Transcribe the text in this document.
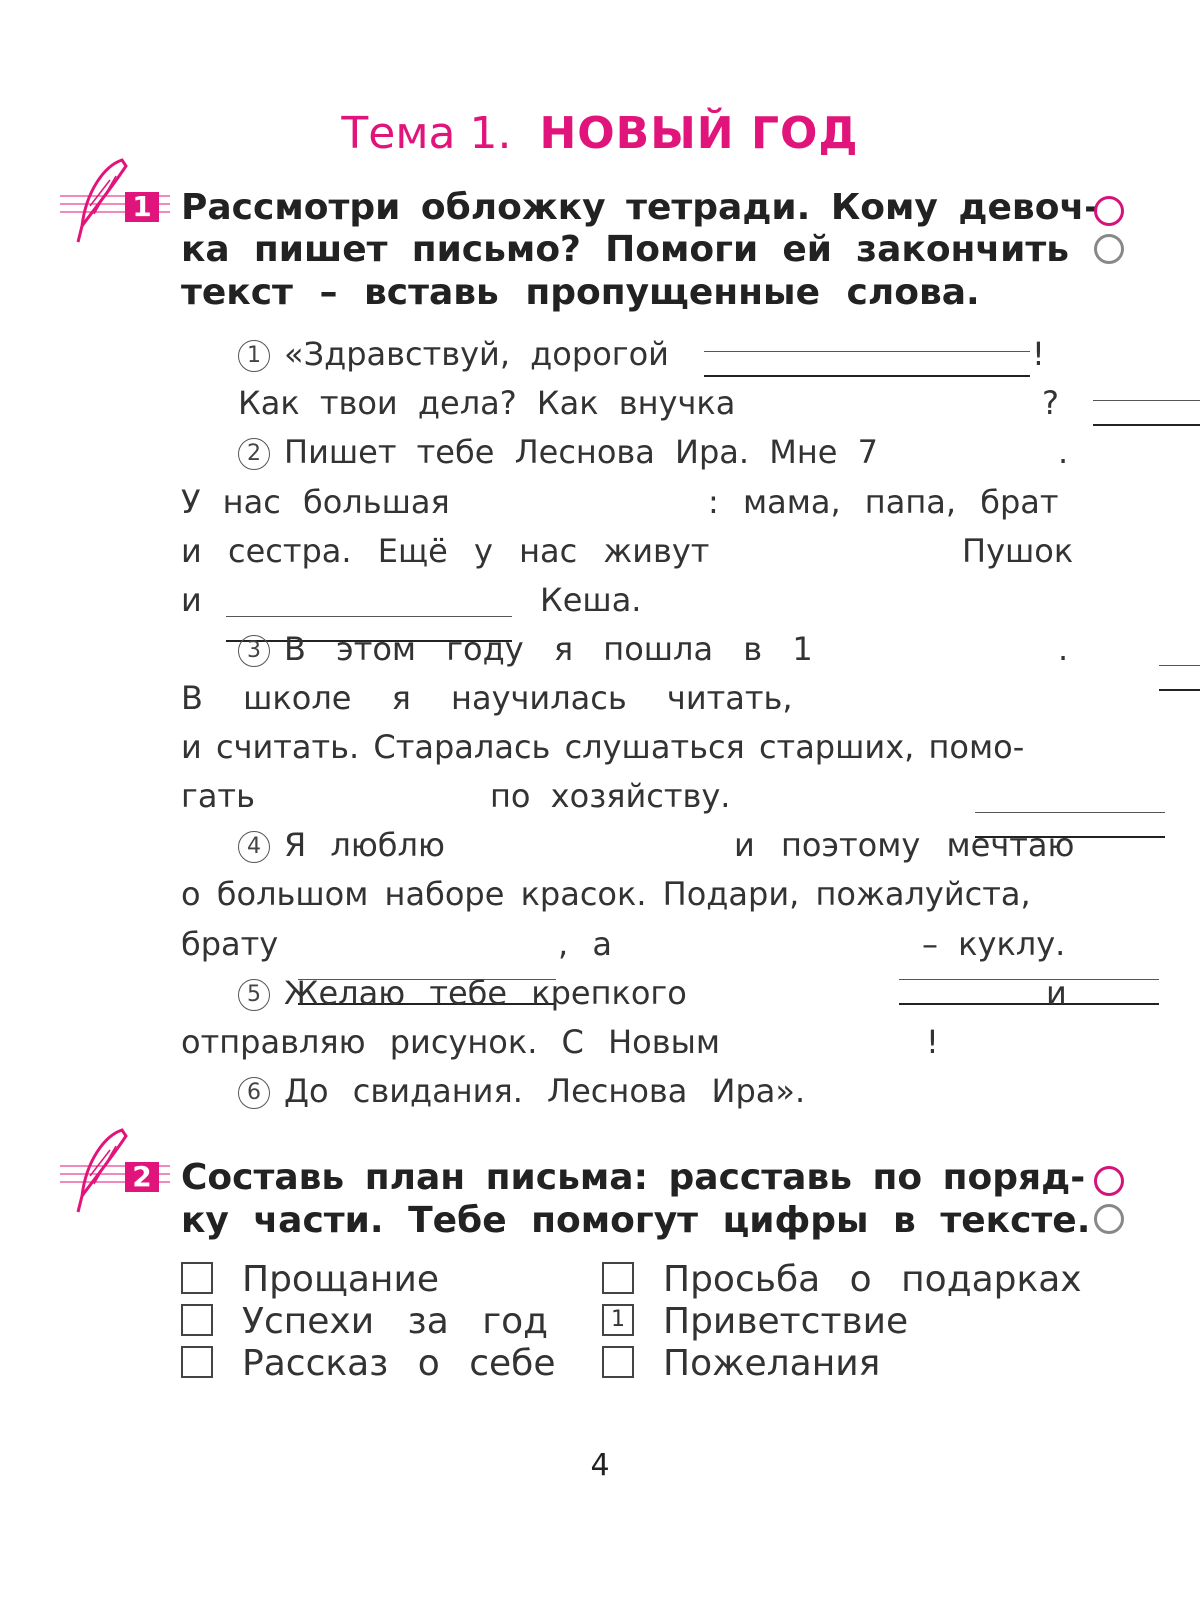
Тема 1. НОВЫЙ ГОД
1 Рассмотри обложку тетради. Кому девоч-
ка пишет письмо? Помоги ей закончить
текст – вставь пропущенные слова.
1 «Здравствуй, дорогой
	!
Как твои дела? Как внучка
	?
2 Пишет тебе Леснова Ира. Мне 7
	.
У нас большая
	: мама, папа, брат
и сестра. Ещё у нас живут
	Пушок
и
	Кеша.
3 В этом году я пошла в 1
	.
В школе я научилась читать,

и считать. Старалась слушаться старших, помо-
гать
	по хозяйству.
4 Я люблю
	и поэтому мечтаю
о большом наборе красок. Подари, пожалуйста,
брату
	, а
	– куклу.
5 Желаю тебе крепкого
	и
отправляю рисунок. С Новым	!
6 До свидания. Леснова Ира».
2 Составь план письма: расставь по поряд-
ку части. Тебе помогут цифры в тексте.
Прощание
Успехи за год
Рассказ о себе
Просьба о подарках
1 Приветствие
Пожелания
4
